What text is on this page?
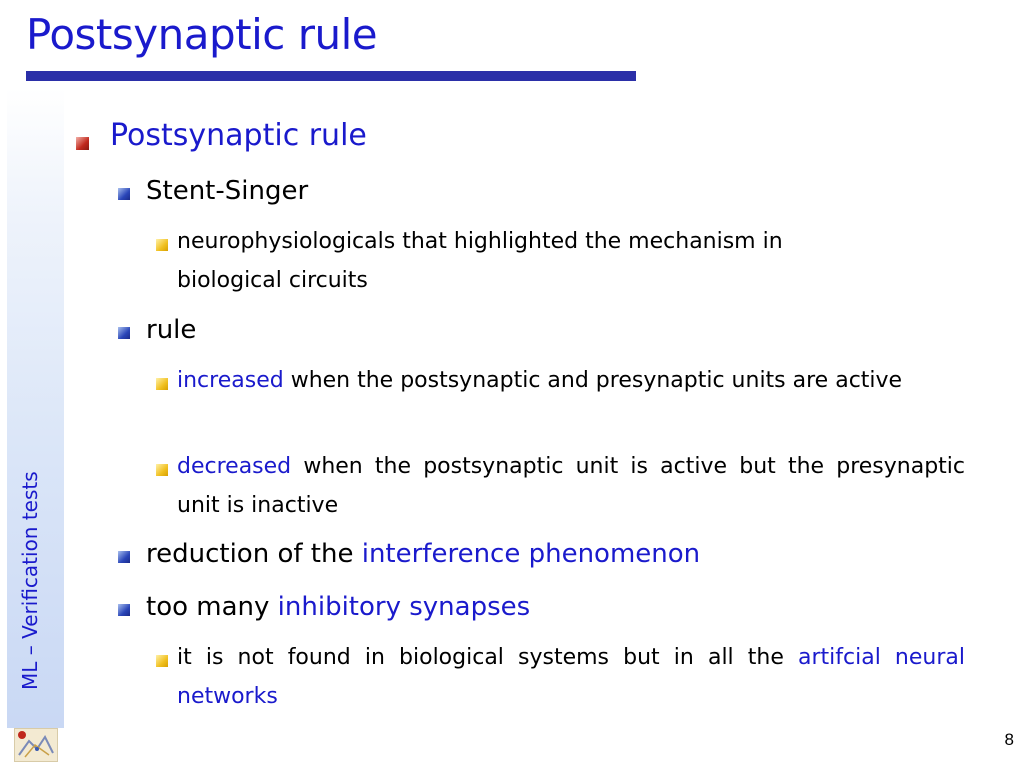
Postsynaptic rule
ML – Verification tests
Postsynaptic rule
Stent-Singer
neurophysiologicals that highlighted the mechanism in
biological circuits
rule
increased when the postsynaptic and presynaptic units are active
decreased when the postsynaptic unit is active but the presynaptic unit is inactive
reduction of the interference phenomenon
too many inhibitory synapses
it is not found in biological systems but in all the artifcial neural networks
8
